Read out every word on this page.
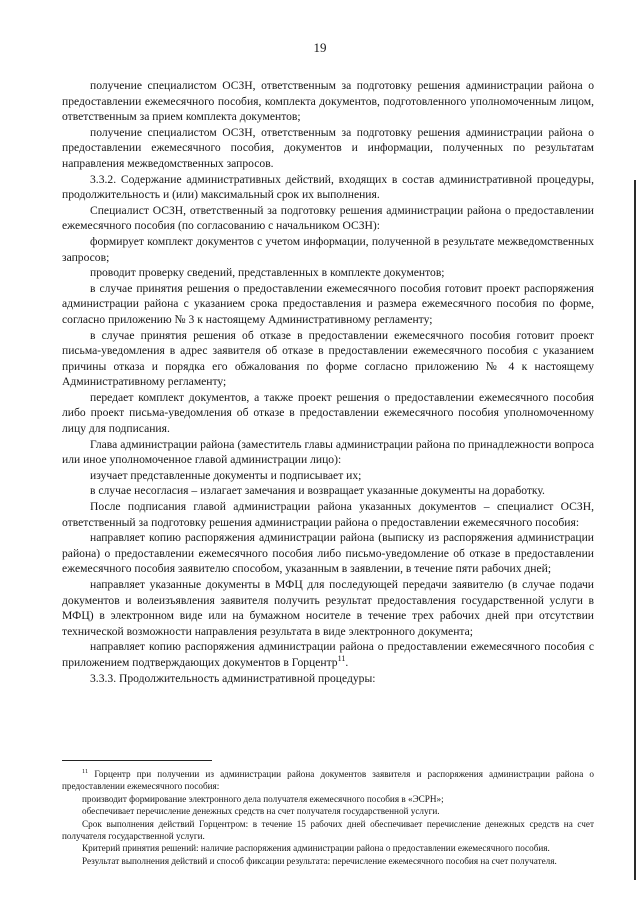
19

получение специалистом ОСЗН, ответственным за подготовку решения администрации района о предоставлении ежемесячного пособия, комплекта документов, подготовленного уполномоченным лицом, ответственным за прием комплекта документов;

получение специалистом ОСЗН, ответственным за подготовку решения администрации района о предоставлении ежемесячного пособия, документов и информации, полученных по результатам направления межведомственных запросов.

3.3.2. Содержание административных действий, входящих в состав административной процедуры, продолжительность и (или) максимальный срок их выполнения.

Специалист ОСЗН, ответственный за подготовку решения администрации района о предоставлении ежемесячного пособия (по согласованию с начальником ОСЗН):

формирует комплект документов с учетом информации, полученной в результате межведомственных запросов;

проводит проверку сведений, представленных в комплекте документов;

в случае принятия решения о предоставлении ежемесячного пособия готовит проект распоряжения администрации района с указанием срока предоставления и размера ежемесячного пособия по форме, согласно приложению № 3 к настоящему Административному регламенту;

в случае принятия решения об отказе в предоставлении ежемесячного пособия готовит проект письма-уведомления в адрес заявителя об отказе в предоставлении ежемесячного пособия с указанием причины отказа и порядка его обжалования по форме согласно приложению № 4 к настоящему Административному регламенту;

передает комплект документов, а также проект решения о предоставлении ежемесячного пособия либо проект письма-уведомления об отказе в предоставлении ежемесячного пособия уполномоченному лицу для подписания.

Глава администрации района (заместитель главы администрации района по принадлежности вопроса или иное уполномоченное главой администрации лицо):

изучает представленные документы и подписывает их;

в случае несогласия – излагает замечания и возвращает указанные документы на доработку.

После подписания главой администрации района указанных документов – специалист ОСЗН, ответственный за подготовку решения администрации района о предоставлении ежемесячного пособия:

направляет копию распоряжения администрации района (выписку из распоряжения администрации района) о предоставлении ежемесячного пособия либо письмо-уведомление об отказе в предоставлении ежемесячного пособия заявителю способом, указанным в заявлении, в течение пяти рабочих дней;

направляет указанные документы в МФЦ для последующей передачи заявителю (в случае подачи документов и волеизъявления заявителя получить результат предоставления государственной услуги в МФЦ) в электронном виде или на бумажном носителе в течение трех рабочих дней при отсутствии технической возможности направления результата в виде электронного документа;

направляет копию распоряжения администрации района о предоставлении ежемесячного пособия с приложением подтверждающих документов в Горцентр$^{11}$.

3.3.3. Продолжительность административной процедуры:

$^{11}$ Горцентр при получении из администрации района документов заявителя и распоряжения администрации района о предоставлении ежемесячного пособия:

производит формирование электронного дела получателя ежемесячного пособия в «ЭСРН»;

обеспечивает перечисление денежных средств на счет получателя государственной услуги.

Срок выполнения действий Горцентром: в течение 15 рабочих дней обеспечивает перечисление денежных средств на счет получателя государственной услуги.

Критерий принятия решений: наличие распоряжения администрации района о предоставлении ежемесячного пособия.

Результат выполнения действий и способ фиксации результата: перечисление ежемесячного пособия на счет получателя.
